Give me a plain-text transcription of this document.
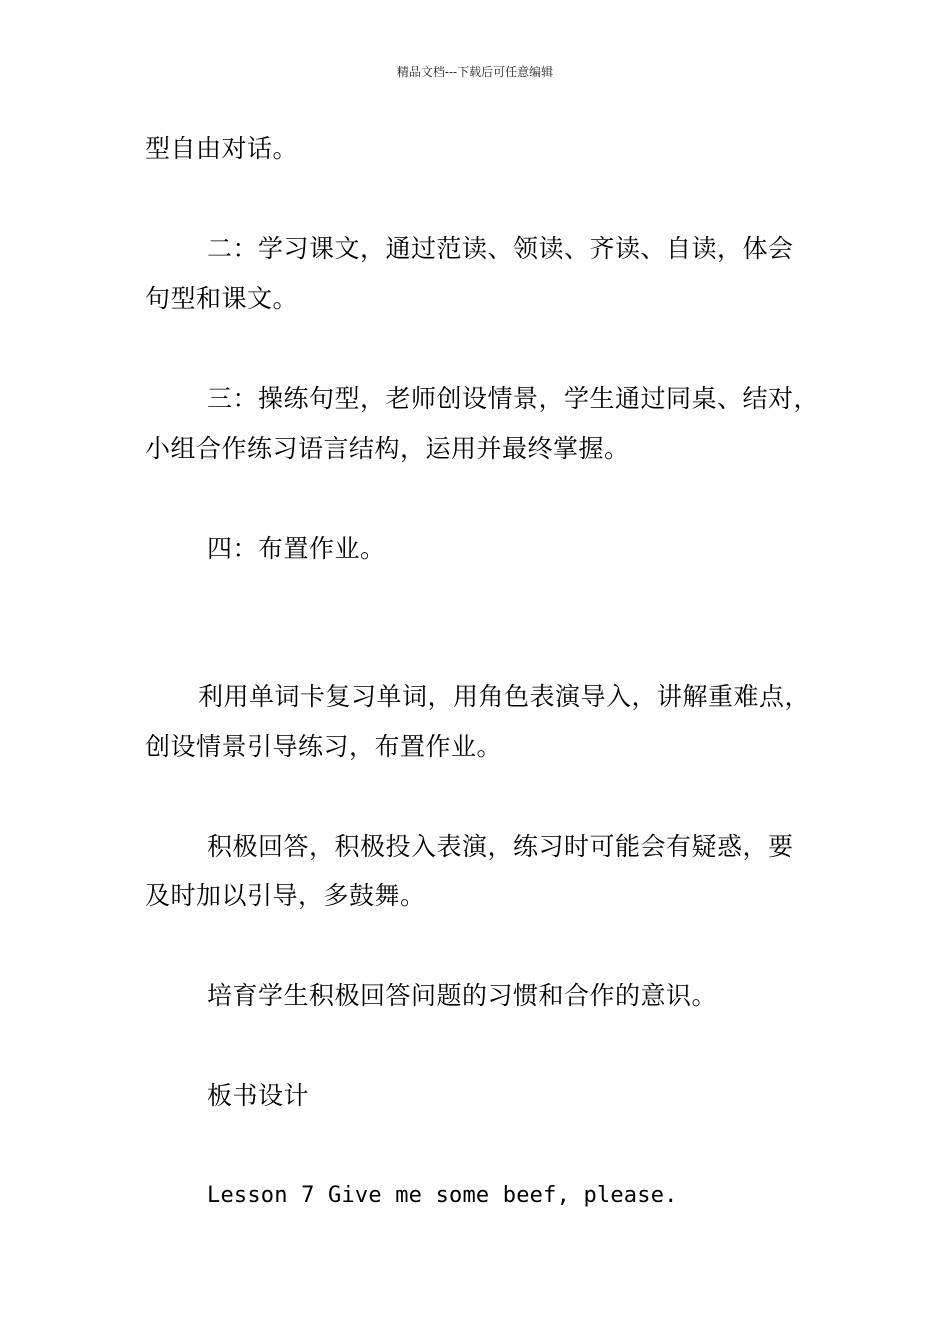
精品文档---下载后可任意编辑
型自由对话。
二：学习课文，通过范读、领读、齐读、自读，体会
句型和课文。
三：操练句型，老师创设情景，学生通过同桌、结对，
小组合作练习语言结构，运用并最终掌握。
四：布置作业。
利用单词卡复习单词，用角色表演导入，讲解重难点，
创设情景引导练习，布置作业。
积极回答，积极投入表演，练习时可能会有疑惑，要
及时加以引导，多鼓舞。
培育学生积极回答问题的习惯和合作的意识。
板书设计
Lesson 7 Give me some beef, please.
